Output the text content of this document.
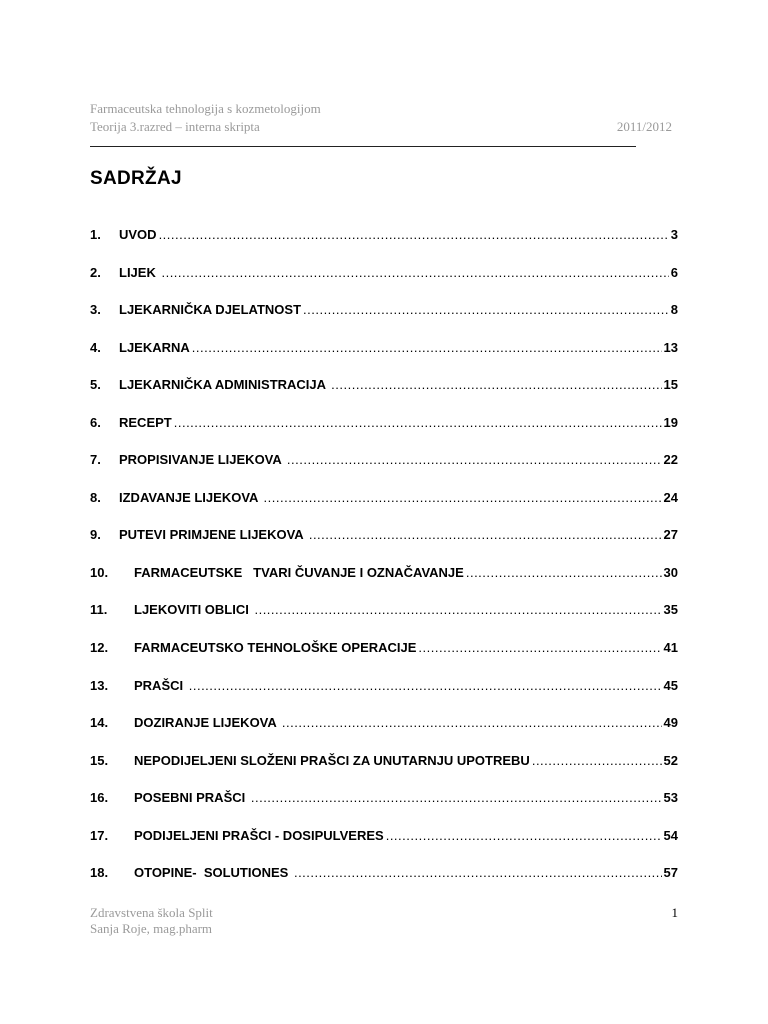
Farmaceutska tehnologija s kozmetologijom
Teorija 3.razred – interna skripta	2011/2012
SADRŽAJ
1.	UVOD .....	3
2.	LIJEK .....	6
3.	LJEKARNIČKA DJELATNOST .....	8
4.	LJEKARNA .....	13
5.	LJEKARNIČKA ADMINISTRACIJA .....	15
6.	RECEPT .....	19
7.	PROPISIVANJE LIJEKOVA .....	22
8.	IZDAVANJE LIJEKOVA .....	24
9.	PUTEVI PRIMJENE LIJEKOVA .....	27
10.	FARMACEUTSKE   TVARI ČUVANJE I OZNAČAVANJE .....	30
11.	LJEKOVITI OBLICI .....	35
12.	FARMACEUTSKO TEHNOLOŠKE OPERACIJE .....	41
13.	PRAŠCI .....	45
14.	DOZIRANJE LIJEKOVA .....	49
15.	NEPODIJELJENI SLOŽENI PRAŠCI ZA UNUTARNJU UPOTREBU .....	52
16.	POSEBNI PRAŠCI .....	53
17.	PODIJELJENI PRAŠCI - DOSIPULVERES .....	54
18.	OTOPINE-  SOLUTIONES .....	57
Zdravstvena škola Split	1
Sanja Roje, mag.pharm
